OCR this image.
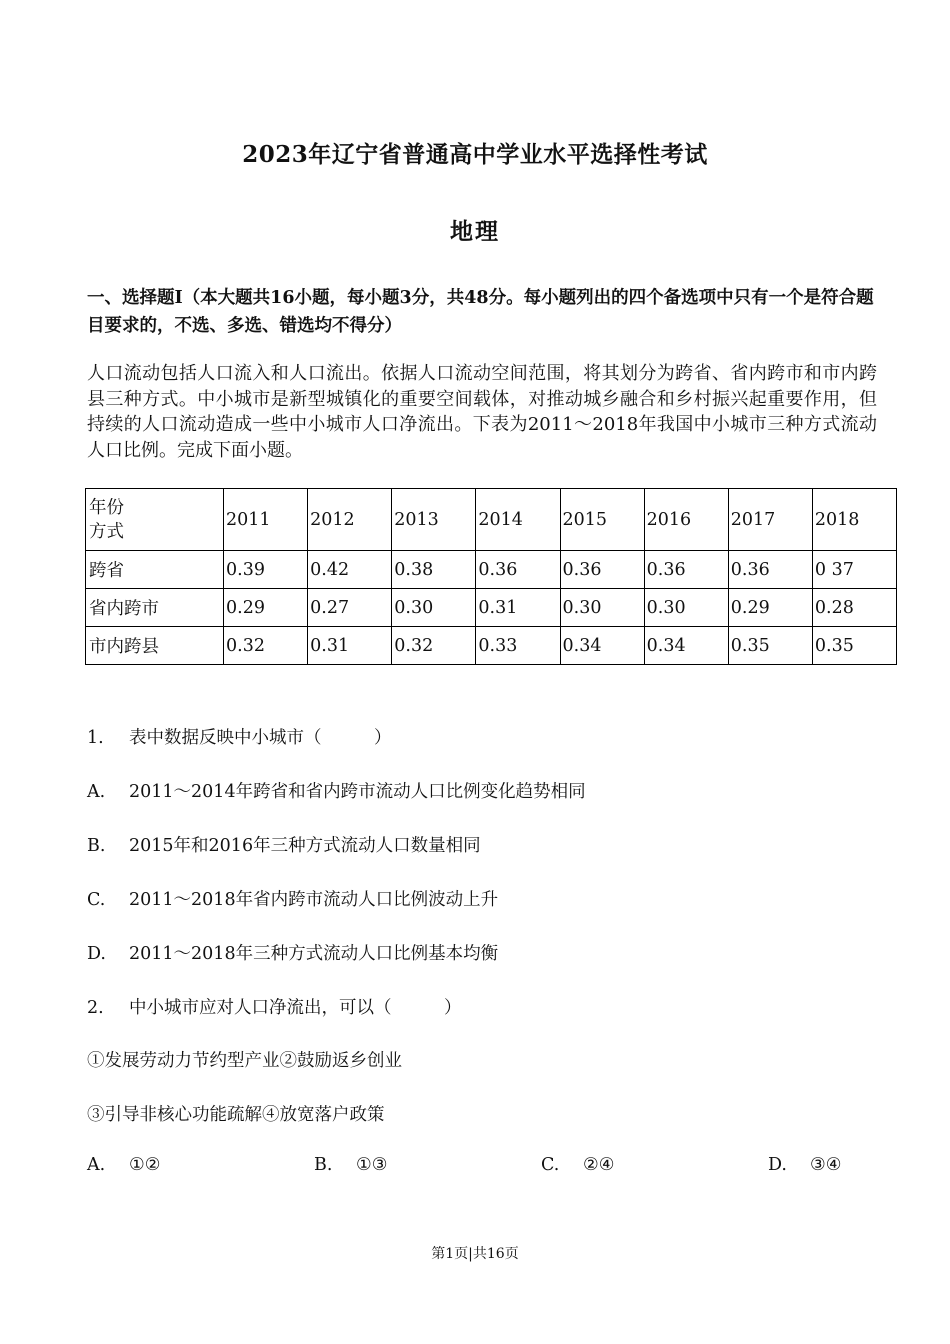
2023年辽宁省普通高中学业水平选择性考试
地理
一、选择题Ⅰ（本大题共16小题，每小题3分，共48分。每小题列出的四个备选项中只有一个是符合题目要求的，不选、多选、错选均不得分）
人口流动包括人口流入和人口流出。依据人口流动空间范围，将其划分为跨省、省内跨市和市内跨县三种方式。中小城市是新型城镇化的重要空间载体，对推动城乡融合和乡村振兴起重要作用，但持续的人口流动造成一些中小城市人口净流出。下表为2011～2018年我国中小城市三种方式流动人口比例。完成下面小题。
年份
方式	2011	2012	2013	2014	2015	2016	2017	2018
跨省	0.39	0.42	0.38	0.36	0.36	0.36	0.36	0 37
省内跨市	0.29	0.27	0.30	0.31	0.30	0.30	0.29	0.28
市内跨县	0.32	0.31	0.32	0.33	0.34	0.34	0.35	0.35
1. 表中数据反映中小城市（　　　）
A. 2011～2014年跨省和省内跨市流动人口比例变化趋势相同
B. 2015年和2016年三种方式流动人口数量相同
C. 2011～2018年省内跨市流动人口比例波动上升
D. 2011～2018年三种方式流动人口比例基本均衡
2. 中小城市应对人口净流出，可以（　　　）
①发展劳动力节约型产业②鼓励返乡创业
③引导非核心功能疏解④放宽落户政策
A. ①②	B. ①③	C. ②④	D. ③④
第1页|共16页
